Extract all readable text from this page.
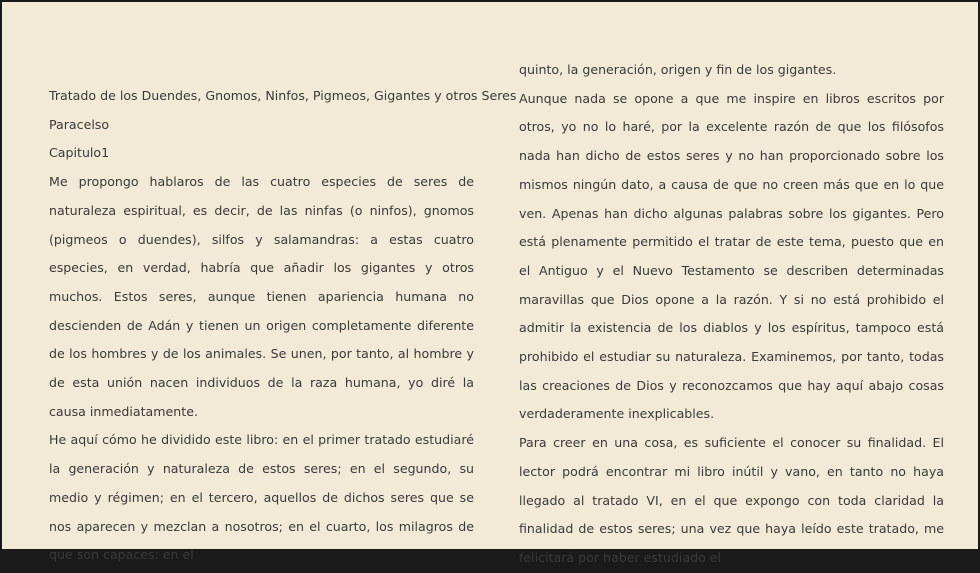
Tratado de los Duendes, Gnomos, Ninfos, Pigmeos, Gigantes y otros Seres

Paracelso

Capitulo1

Me propongo hablaros de las cuatro especies de seres de naturaleza espiritual, es decir, de las ninfas (o ninfos), gnomos (pigmeos o duendes), silfos y salamandras: a estas cuatro especies, en verdad, habría que añadir los gigantes y otros muchos. Estos seres, aunque tienen apariencia humana no descienden de Adán y tienen un origen completamente diferente de los hombres y de los animales. Se unen, por tanto, al hombre y de esta unión nacen individuos de la raza humana, yo diré la causa inmediatamente.

He aquí cómo he dividido este libro: en el primer tratado estudiaré la generación y naturaleza de estos seres; en el segundo, su medio y régimen; en el tercero, aquellos de dichos seres que se nos aparecen y mezclan a nosotros; en el cuarto, los milagros de que son capaces: en el

quinto, la generación, origen y fin de los gigantes.

Aunque nada se opone a que me inspire en libros escritos por otros, yo no lo haré, por la excelente razón de que los filósofos nada han dicho de estos seres y no han proporcionado sobre los mismos ningún dato, a causa de que no creen más que en lo que ven. Apenas han dicho algunas palabras sobre los gigantes. Pero está plenamente permitido el tratar de este tema, puesto que en el Antiguo y el Nuevo Testamento se describen determinadas maravillas que Dios opone a la razón. Y si no está prohibido el admitir la existencia de los diablos y los espíritus, tampoco está prohibido el estudiar su naturaleza. Examinemos, por tanto, todas las creaciones de Dios y reconozcamos que hay aquí abajo cosas verdaderamente inexplicables.

Para creer en una cosa, es suficiente el conocer su finalidad. El lector podrá encontrar mi libro inútil y vano, en tanto no haya llegado al tratado VI, en el que expongo con toda claridad la finalidad de estos seres; una vez que haya leído este tratado, me felicitará por haber estudiado el
